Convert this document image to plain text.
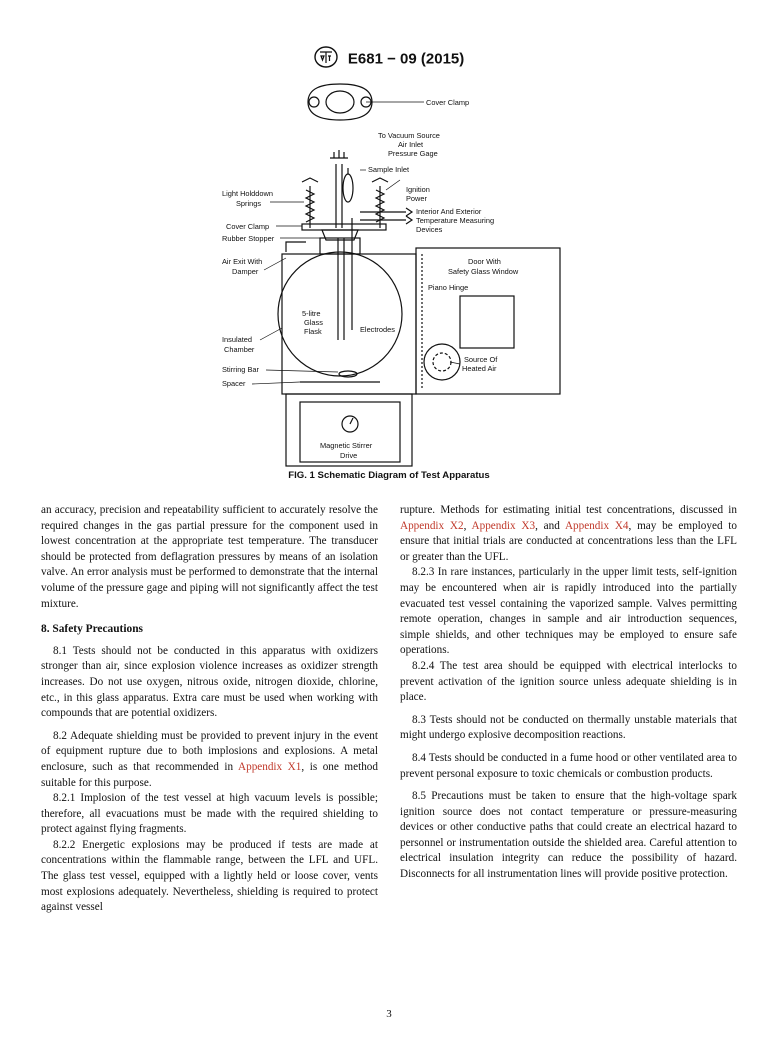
E681 − 09 (2015)
Cover Clamp
To Vacuum Source
Air Inlet
Pressure Gage
Sample Inlet
Ignition
Power
Interior And Exterior
Temperature Measuring
Devices
Light Holddown
Springs
Cover Clamp
Rubber Stopper
Air Exit With
Damper
Door With
Safety Glass Window
Piano Hinge
5-litre
Glass
Flask	Electrodes
Insulated
Chamber
Stirring Bar
Spacer
Source Of
Heated Air
Magnetic Stirrer
Drive
FIG. 1 Schematic Diagram of Test Apparatus

an accuracy, precision and repeatability sufficient to accurately resolve the required changes in the gas partial pressure for the component used in lowest concentration at the appropriate test temperature. The transducer should be protected from deflagration pressures by means of an isolation valve. An error analysis must be performed to demonstrate that the internal volume of the pressure gage and piping will not significantly affect the test mixture.

8. Safety Precautions

8.1 Tests should not be conducted in this apparatus with oxidizers stronger than air, since explosion violence increases as oxidizer strength increases. Do not use oxygen, nitrous oxide, nitrogen dioxide, chlorine, etc., in this glass apparatus. Extra care must be used when working with compounds that are potential oxidizers.

8.2 Adequate shielding must be provided to prevent injury in the event of equipment rupture due to both implosions and explosions. A metal enclosure, such as that recommended in Appendix X1, is one method suitable for this purpose.

8.2.1 Implosion of the test vessel at high vacuum levels is possible; therefore, all evacuations must be made with the required shielding to protect against flying fragments.

8.2.2 Energetic explosions may be produced if tests are made at concentrations within the flammable range, between the LFL and UFL. The glass test vessel, equipped with a lightly held or loose cover, vents most explosions adequately. Nevertheless, shielding is required to protect against vessel

rupture. Methods for estimating initial test concentrations, discussed in Appendix X2, Appendix X3, and Appendix X4, may be employed to ensure that initial trials are conducted at concentrations less than the LFL or greater than the UFL.

8.2.3 In rare instances, particularly in the upper limit tests, self-ignition may be encountered when air is rapidly introduced into the partially evacuated test vessel containing the vaporized sample. Valves permitting remote operation, changes in sample and air introduction sequences, simple shields, and other techniques may be employed to ensure safe operations.

8.2.4 The test area should be equipped with electrical interlocks to prevent activation of the ignition source unless adequate shielding is in place.

8.3 Tests should not be conducted on thermally unstable materials that might undergo explosive decomposition reactions.

8.4 Tests should be conducted in a fume hood or other ventilated area to prevent personal exposure to toxic chemicals or combustion products.

8.5 Precautions must be taken to ensure that the high-voltage spark ignition source does not contact temperature or pressure-measuring devices or other conductive paths that could create an electrical hazard to personnel or instrumentation outside the shielded area. Careful attention to electrical insulation integrity can reduce the possibility of hazard. Disconnects for all instrumentation lines will provide positive protection.

3
